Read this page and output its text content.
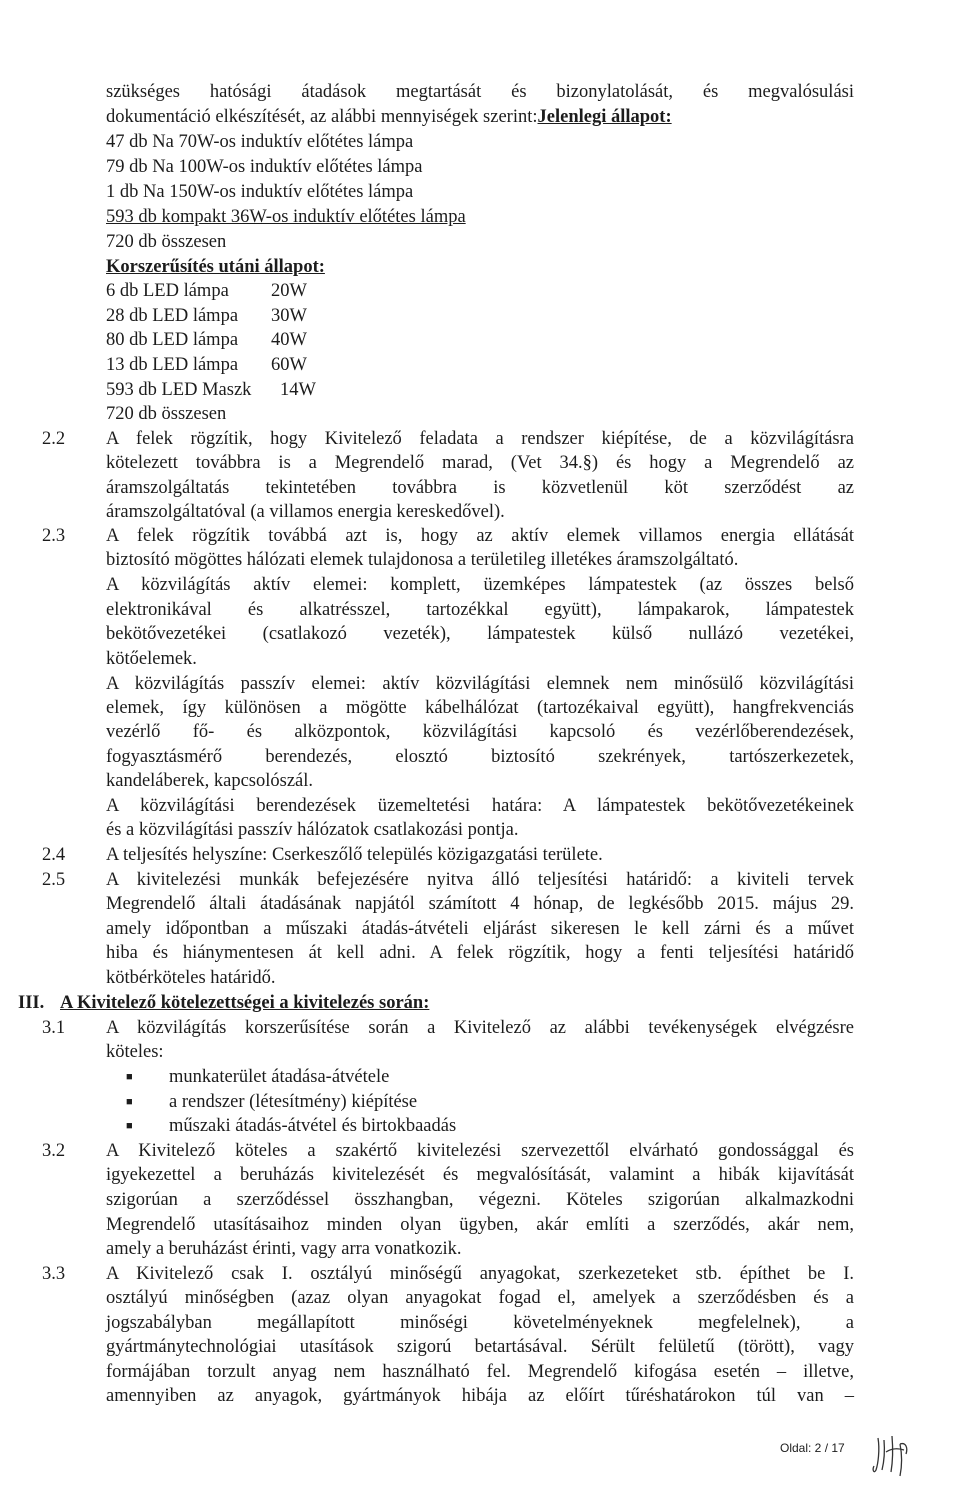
szükséges hatósági átadások megtartását és bizonylatolását, és megvalósulási
dokumentáció elkészítését, az alábbi mennyiségek szerint:Jelenlegi állapot:
47 db Na 70W-os induktív előtétes lámpa
79 db Na 100W-os induktív előtétes lámpa
1 db Na 150W-os induktív előtétes lámpa
593 db kompakt 36W-os induktív előtétes lámpa
720 db összesen
Korszerűsítés utáni állapot:
6 db LED lámpa 20W
28 db LED lámpa 30W
80 db LED lámpa 40W
13 db LED lámpa 60W
593 db LED Maszk 14W
720 db összesen
2.2 A felek rögzítik, hogy Kivitelező feladata a rendszer kiépítése, de a közvilágításra
kötelezett továbbra is a Megrendelő marad, (Vet 34.§) és hogy a Megrendelő az
áramszolgáltatás tekintetében továbbra is közvetlenül köt szerződést az
áramszolgáltatóval (a villamos energia kereskedővel).
2.3 A felek rögzítik továbbá azt is, hogy az aktív elemek villamos energia ellátását
biztosító mögöttes hálózati elemek tulajdonosa a területileg illetékes áramszolgáltató.
A közvilágítás aktív elemei: komplett, üzemképes lámpatestek (az összes belső
elektronikával és alkatrésszel, tartozékkal együtt), lámpakarok, lámpatestek
bekötővezetékei (csatlakozó vezeték), lámpatestek külső nullázó vezetékei,
kötőelemek.
A közvilágítás passzív elemei: aktív közvilágítási elemnek nem minősülő közvilágítási
elemek, így különösen a mögötte kábelhálózat (tartozékaival együtt), hangfrekvenciás
vezérlő fő- és alközpontok, közvilágítási kapcsoló és vezérlőberendezések,
fogyasztásmérő berendezés, elosztó biztosító szekrények, tartószerkezetek,
kandeláberek, kapcsolószál.
A közvilágítási berendezések üzemeltetési határa: A lámpatestek bekötővezetékeinek
és a közvilágítási passzív hálózatok csatlakozási pontja.
2.4 A teljesítés helyszíne: Cserkeszőlő település közigazgatási területe.
2.5 A kivitelezési munkák befejezésére nyitva álló teljesítési határidő: a kiviteli tervek
Megrendelő általi átadásának napjától számított 4 hónap, de legkésőbb 2015. május 29.
amely időpontban a műszaki átadás-átvételi eljárást sikeresen le kell zárni és a művet
hiba és hiánymentesen át kell adni. A felek rögzítik, hogy a fenti teljesítési határidő
kötbérköteles határidő.
III. A Kivitelező kötelezettségei a kivitelezés során:
3.1 A közvilágítás korszerűsítése során a Kivitelező az alábbi tevékenységek elvégzésre
köteles:
■ munkaterület átadása-átvétele
■ a rendszer (létesítmény) kiépítése
■ műszaki átadás-átvétel és birtokbaadás
3.2 A Kivitelező köteles a szakértő kivitelezési szervezettől elvárható gondossággal és
igyekezettel a beruházás kivitelezését és megvalósítását, valamint a hibák kijavítását
szigorúan a szerződéssel összhangban, végezni. Köteles szigorúan alkalmazkodni
Megrendelő utasításaihoz minden olyan ügyben, akár említi a szerződés, akár nem,
amely a beruházást érinti, vagy arra vonatkozik.
3.3 A Kivitelező csak I. osztályú minőségű anyagokat, szerkezeteket stb. építhet be I.
osztályú minőségben (azaz olyan anyagokat fogad el, amelyek a szerződésben és a
jogszabályban megállapított minőségi követelményeknek megfelelnek), a
gyártmánytechnológiai utasítások szigorú betartásával. Sérült felületű (törött), vagy
formájában torzult anyag nem használható fel. Megrendelő kifogása esetén – illetve,
amennyiben az anyagok, gyártmányok hibája az előírt tűréshatárokon túl van –
Oldal: 2 / 17
